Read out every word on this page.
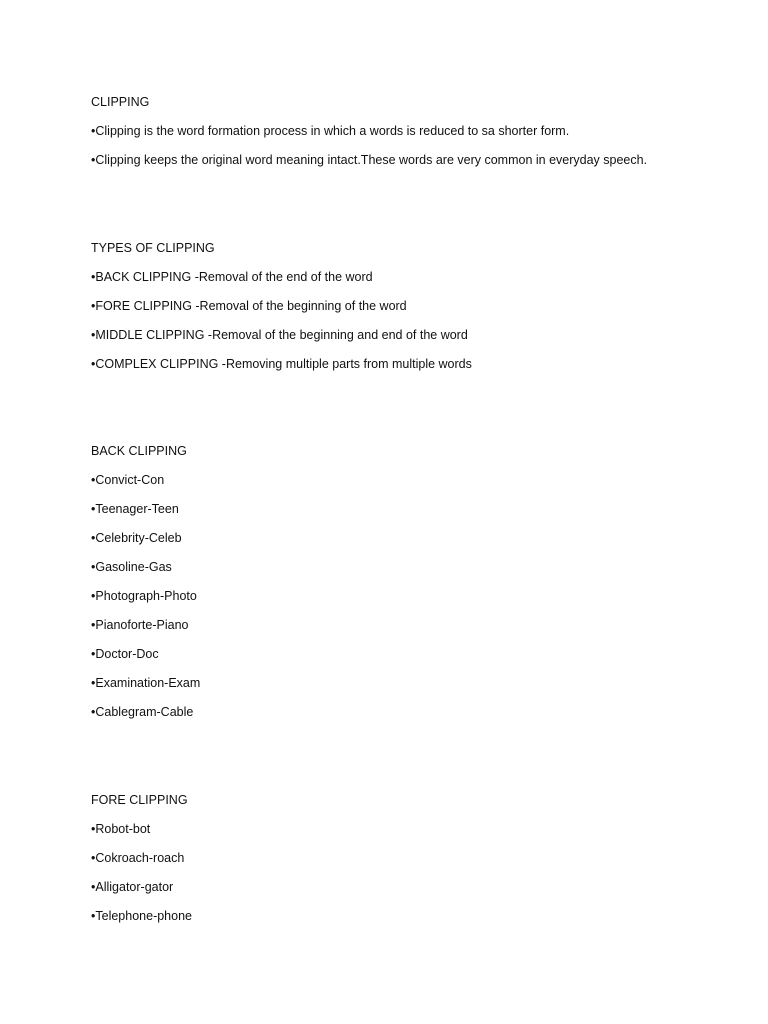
CLIPPING

•Clipping is the word formation process in which a words is reduced to sa shorter form.
•Clipping keeps the original word meaning intact.These words are very common in everyday speech.

TYPES OF CLIPPING

•BACK CLIPPING -Removal of the end of the word
•FORE CLIPPING -Removal of the beginning of the word
•MIDDLE CLIPPING -Removal of the beginning and end of the word
•COMPLEX CLIPPING -Removing multiple parts from multiple words

BACK CLIPPING

•Convict-Con
•Teenager-Teen
•Celebrity-Celeb
•Gasoline-Gas
•Photograph-Photo
•Pianoforte-Piano
•Doctor-Doc
•Examination-Exam
•Cablegram-Cable

FORE CLIPPING

•Robot-bot
•Cokroach-roach
•Alligator-gator
•Telephone-phone
